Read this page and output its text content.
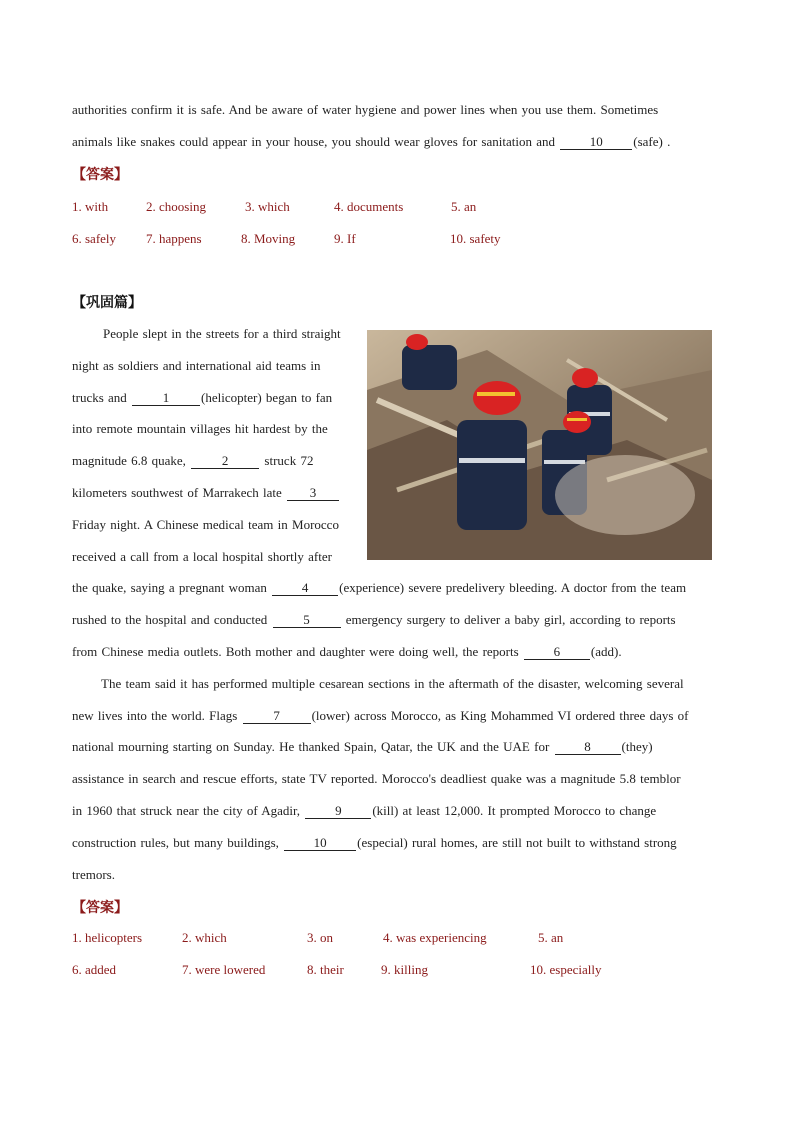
authorities confirm it is safe. And be aware of water hygiene and power lines when you use them. Sometimes
animals like snakes could appear in your house, you should wear gloves for sanitation and	10 (safe) .
【答案】
1. with	2. choosing	3. which	4. documents	5. an
6. safely 7. happens	8. Moving	9. If	10. safety
【巩固篇】
People slept in the streets for a third straight
night as soldiers and international aid teams in
trucks and	1 (helicopter) began to fan
into remote mountain villages hit hardest by the
magnitude 6.8 quake,	2	struck 72
kilometers southwest of Marrakech late 3
Friday night. A Chinese medical team in Morocco
received a call from a local hospital shortly after
the quake, saying a pregnant woman	4 (experience) severe predelivery bleeding. A doctor from the team
rushed to the hospital and conducted	5	emergency surgery to deliver a baby girl, according to reports
from Chinese media outlets. Both mother and daughter were doing well, the reports	6 (add).
The team said it has performed multiple cesarean sections in the aftermath of the disaster, welcoming several
new lives into the world. Flags	7 (lower) across Morocco, as King Mohammed VI ordered three days of
national mourning starting on Sunday. He thanked Spain, Qatar, the UK and the UAE for	8 (they)
assistance in search and rescue efforts, state TV reported. Morocco's deadliest quake was a magnitude 5.8 temblor
in 1960 that struck near the city of Agadir,	9 (kill) at least 12,000. It prompted Morocco to change
construction rules, but many buildings,	10 (especial) rural homes, are still not built to withstand strong
tremors.
【答案】
1. helicopters	2. which	3. on	4. was experiencing	5. an
6. added	7. were lowered	8. their	9. killing	10. especially
